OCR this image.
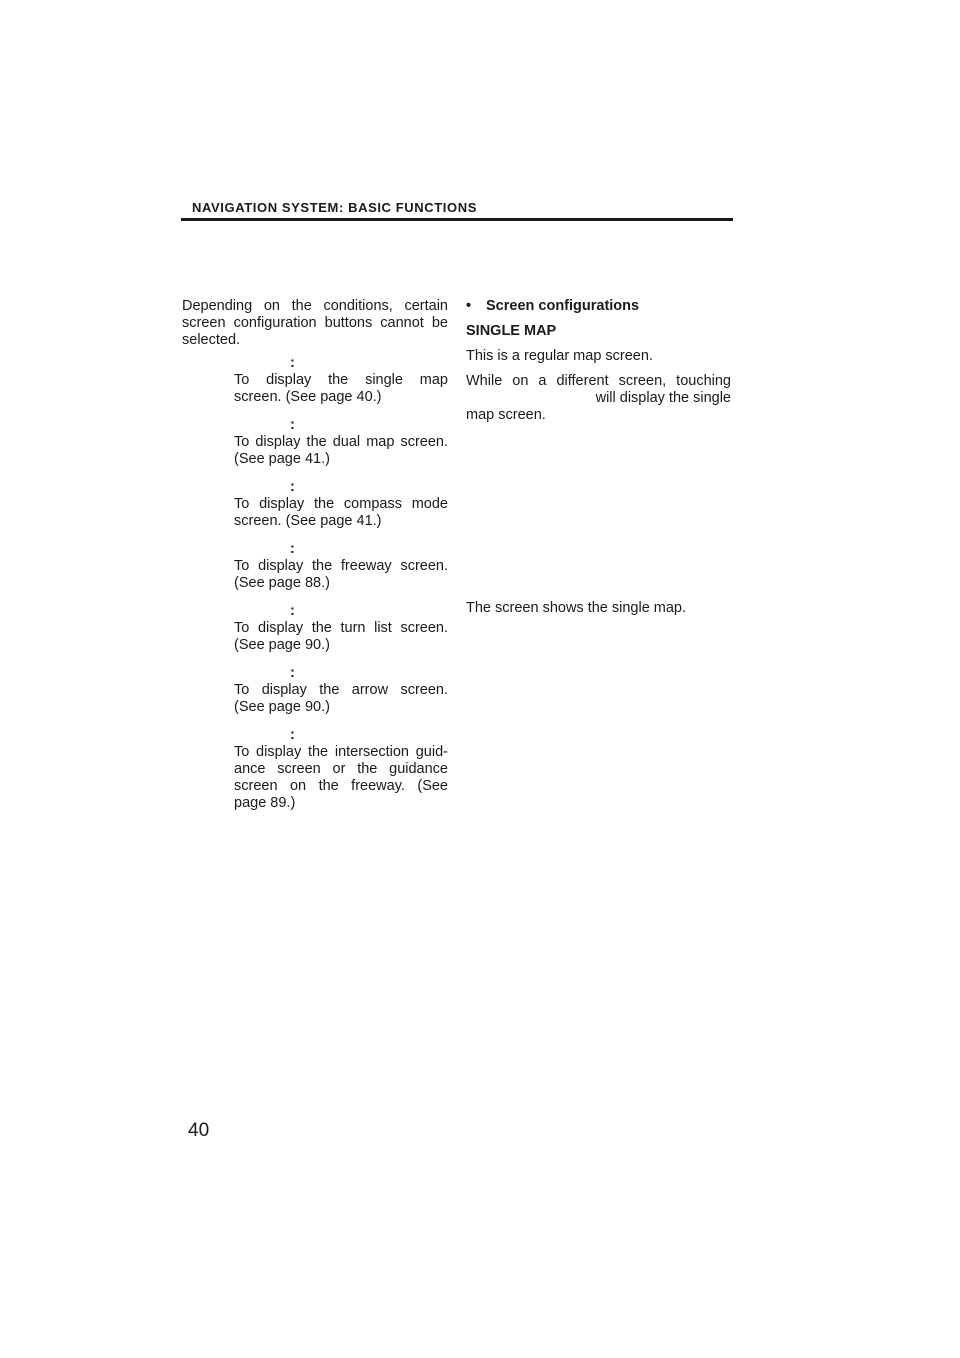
NAVIGATION SYSTEM: BASIC FUNCTIONS

Depending on the conditions, certain screen configuration buttons cannot be selected.

:
To display the single map screen. (See page 40.)
:
To display the dual map screen. (See page 41.)
:
To display the compass mode screen. (See page 41.)
:
To display the freeway screen. (See page 88.)
:
To display the turn list screen. (See page 90.)
:
To display the arrow screen. (See page 90.)
:
To display the intersection guid-ance screen or the guidance screen on the freeway. (See page 89.)
• Screen configurations
SINGLE MAP
This is a regular map screen.
While on a different screen, touching
will display the single
map screen.
The screen shows the single map.
40
